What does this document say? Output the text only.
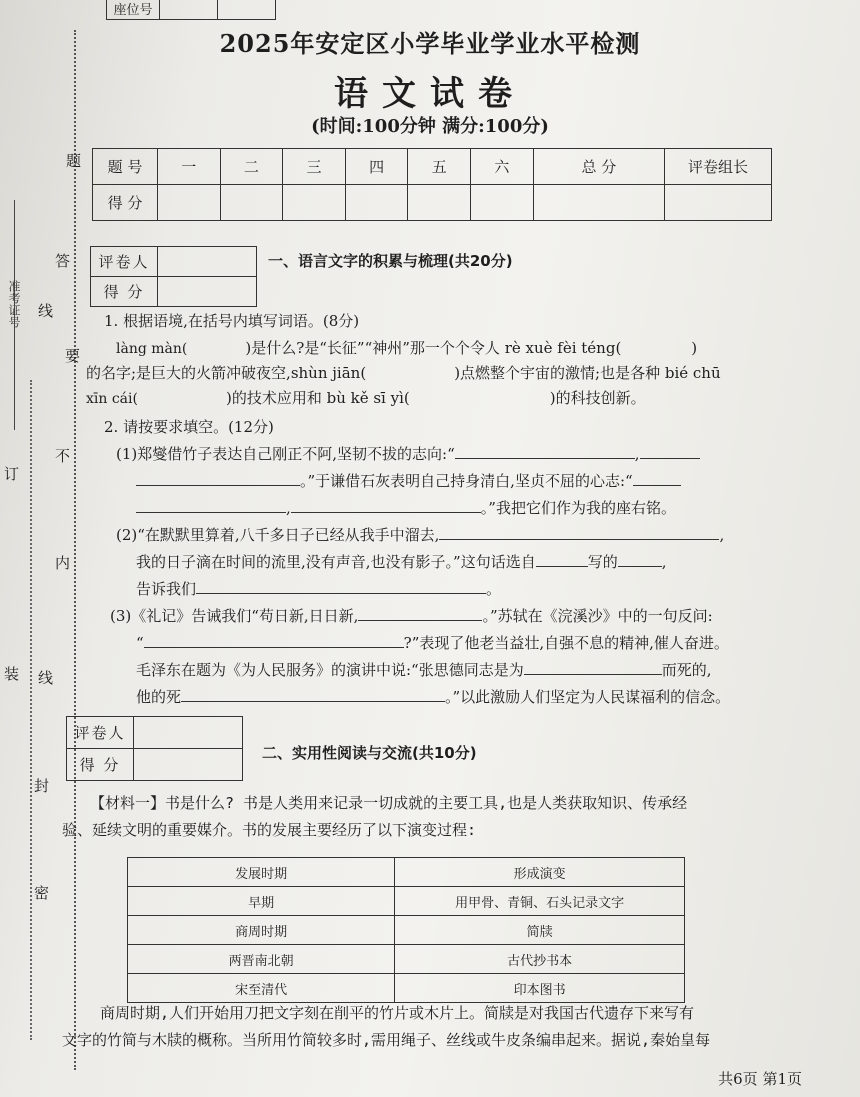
座位号
准考证号
题
答
要
不
内
线
线
订
装
封
密
2025年安定区小学毕业学业水平检测
语文试卷
(时间:100分钟 满分:100分)
题 号	一	二	三	四	五	六	总 分	评卷组长
得 分								
评卷人	
得 分	
一、语言文字的积累与梳理(共20分)
1. 根据语境,在括号内填写词语。(8分)
làng màn(	)是什么?是“长征”“神州”那一个个令人 rè xuè fèi téng(	)
的名字;是巨大的火箭冲破夜空,shùn jiān(	)点燃整个宇宙的激情;也是各种 bié chū
xīn cái(	)的技术应用和 bù kě sī yì(	)的科技创新。
2. 请按要求填空。(12分)
(1)郑燮借竹子表达自己刚正不阿,坚韧不拔的志向:“	,
。”于谦借石灰表明自己持身清白,坚贞不屈的心志:“
,	。”我把它们作为我的座右铭。
(2)“在默默里算着,八千多日子已经从我手中溜去,	,
我的日子滴在时间的流里,没有声音,也没有影子。”这句话选自	写的	,
告诉我们	。
(3)《礼记》告诫我们“苟日新,日日新,	。”苏轼在《浣溪沙》中的一句反问:
“	?”表现了他老当益壮,自强不息的精神,催人奋进。
毛泽东在题为《为人民服务》的演讲中说:“张思德同志是为	而死的,
他的死	。”以此激励人们坚定为人民谋福利的信念。
评卷人	
得 分	
二、实用性阅读与交流(共10分)
【材料一】书是什么? 书是人类用来记录一切成就的主要工具,也是人类获取知识、传承经
验、延续文明的重要媒介。书的发展主要经历了以下演变过程:
发展时期	形成演变
早期	用甲骨、青铜、石头记录文字
商周时期	简牍
两晋南北朝	古代抄书本
宋至清代	印本图书
商周时期,人们开始用刀把文字刻在削平的竹片或木片上。简牍是对我国古代遗存下来写有
文字的竹简与木牍的概称。当所用竹简较多时,需用绳子、丝线或牛皮条编串起来。据说,秦始皇每
共6页 第1页
